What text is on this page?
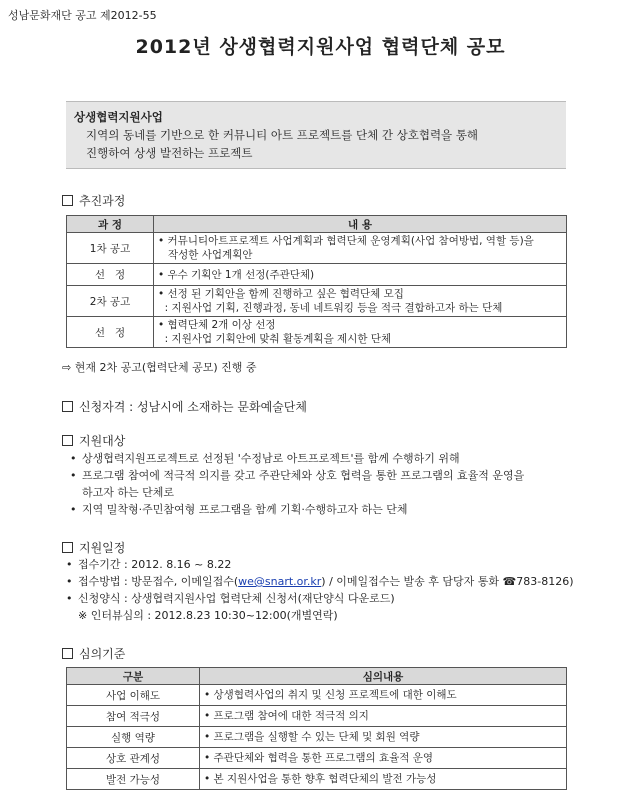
성남문화재단 공고 제2012-55
2012년 상생협력지원사업 협력단체 공모
상생협력지원사업
지역의 동네를 기반으로 한 커뮤니티 아트 프로젝트를 단체 간 상호협력을 통해
진행하여 상생 발전하는 프로젝트
추진과정
과 정	내 용
1차 공고	• 커뮤니티아트프로젝트 사업계획과 협력단체 운영계획(사업 참여방법, 역할 등)을
작성한 사업계획안

선   정	• 우수 기획안 1개 선정(주관단체)
2차 공고	• 선정 된 기획안을 함께 진행하고 싶은 협력단체 모집
: 지원사업 기획, 진행과정, 동네 네트워킹 등을 적극 결합하고자 하는 단체

선   정	• 협력단체 2개 이상 선정
: 지원사업 기획안에 맞춰 활동계획을 제시한 단체
⇨ 현재 2차 공고(협력단체 공모) 진행 중
신청자격 : 성남시에 소재하는 문화예술단체
지원대상
• 상생협력지원프로젝트로 선정된 '수정남로 아트프로젝트'를 함께 수행하기 위해
• 프로그램 참여에 적극적 의지를 갖고 주관단체와 상호 협력을 통한 프로그램의 효율적 운영을
하고자 하는 단체로
• 지역 밀착형·주민참여형 프로그램을 함께 기획·수행하고자 하는 단체
지원일정
• 접수기간 : 2012. 8.16 ~ 8.22
• 접수방법 : 방문접수, 이메일접수(we@snart.or.kr) / 이메일접수는 발송 후 담당자 통화 ☎783-8126)
• 신청양식 : 상생협력지원사업 협력단체 신청서(재단양식 다운로드)
※ 인터뷰심의 : 2012.8.23 10:30~12:00(개별연락)
심의기준
구분	심의내용
사업 이해도	• 상생협력사업의 취지 및 신청 프로젝트에 대한 이해도
참여 적극성	• 프로그램 참여에 대한 적극적 의지
실행 역량	• 프로그램을 실행할 수 있는 단체 및 회원 역량
상호 관계성	• 주관단체와 협력을 통한 프로그램의 효율적 운영
발전 가능성	• 본 지원사업을 통한 향후 협력단체의 발전 가능성
